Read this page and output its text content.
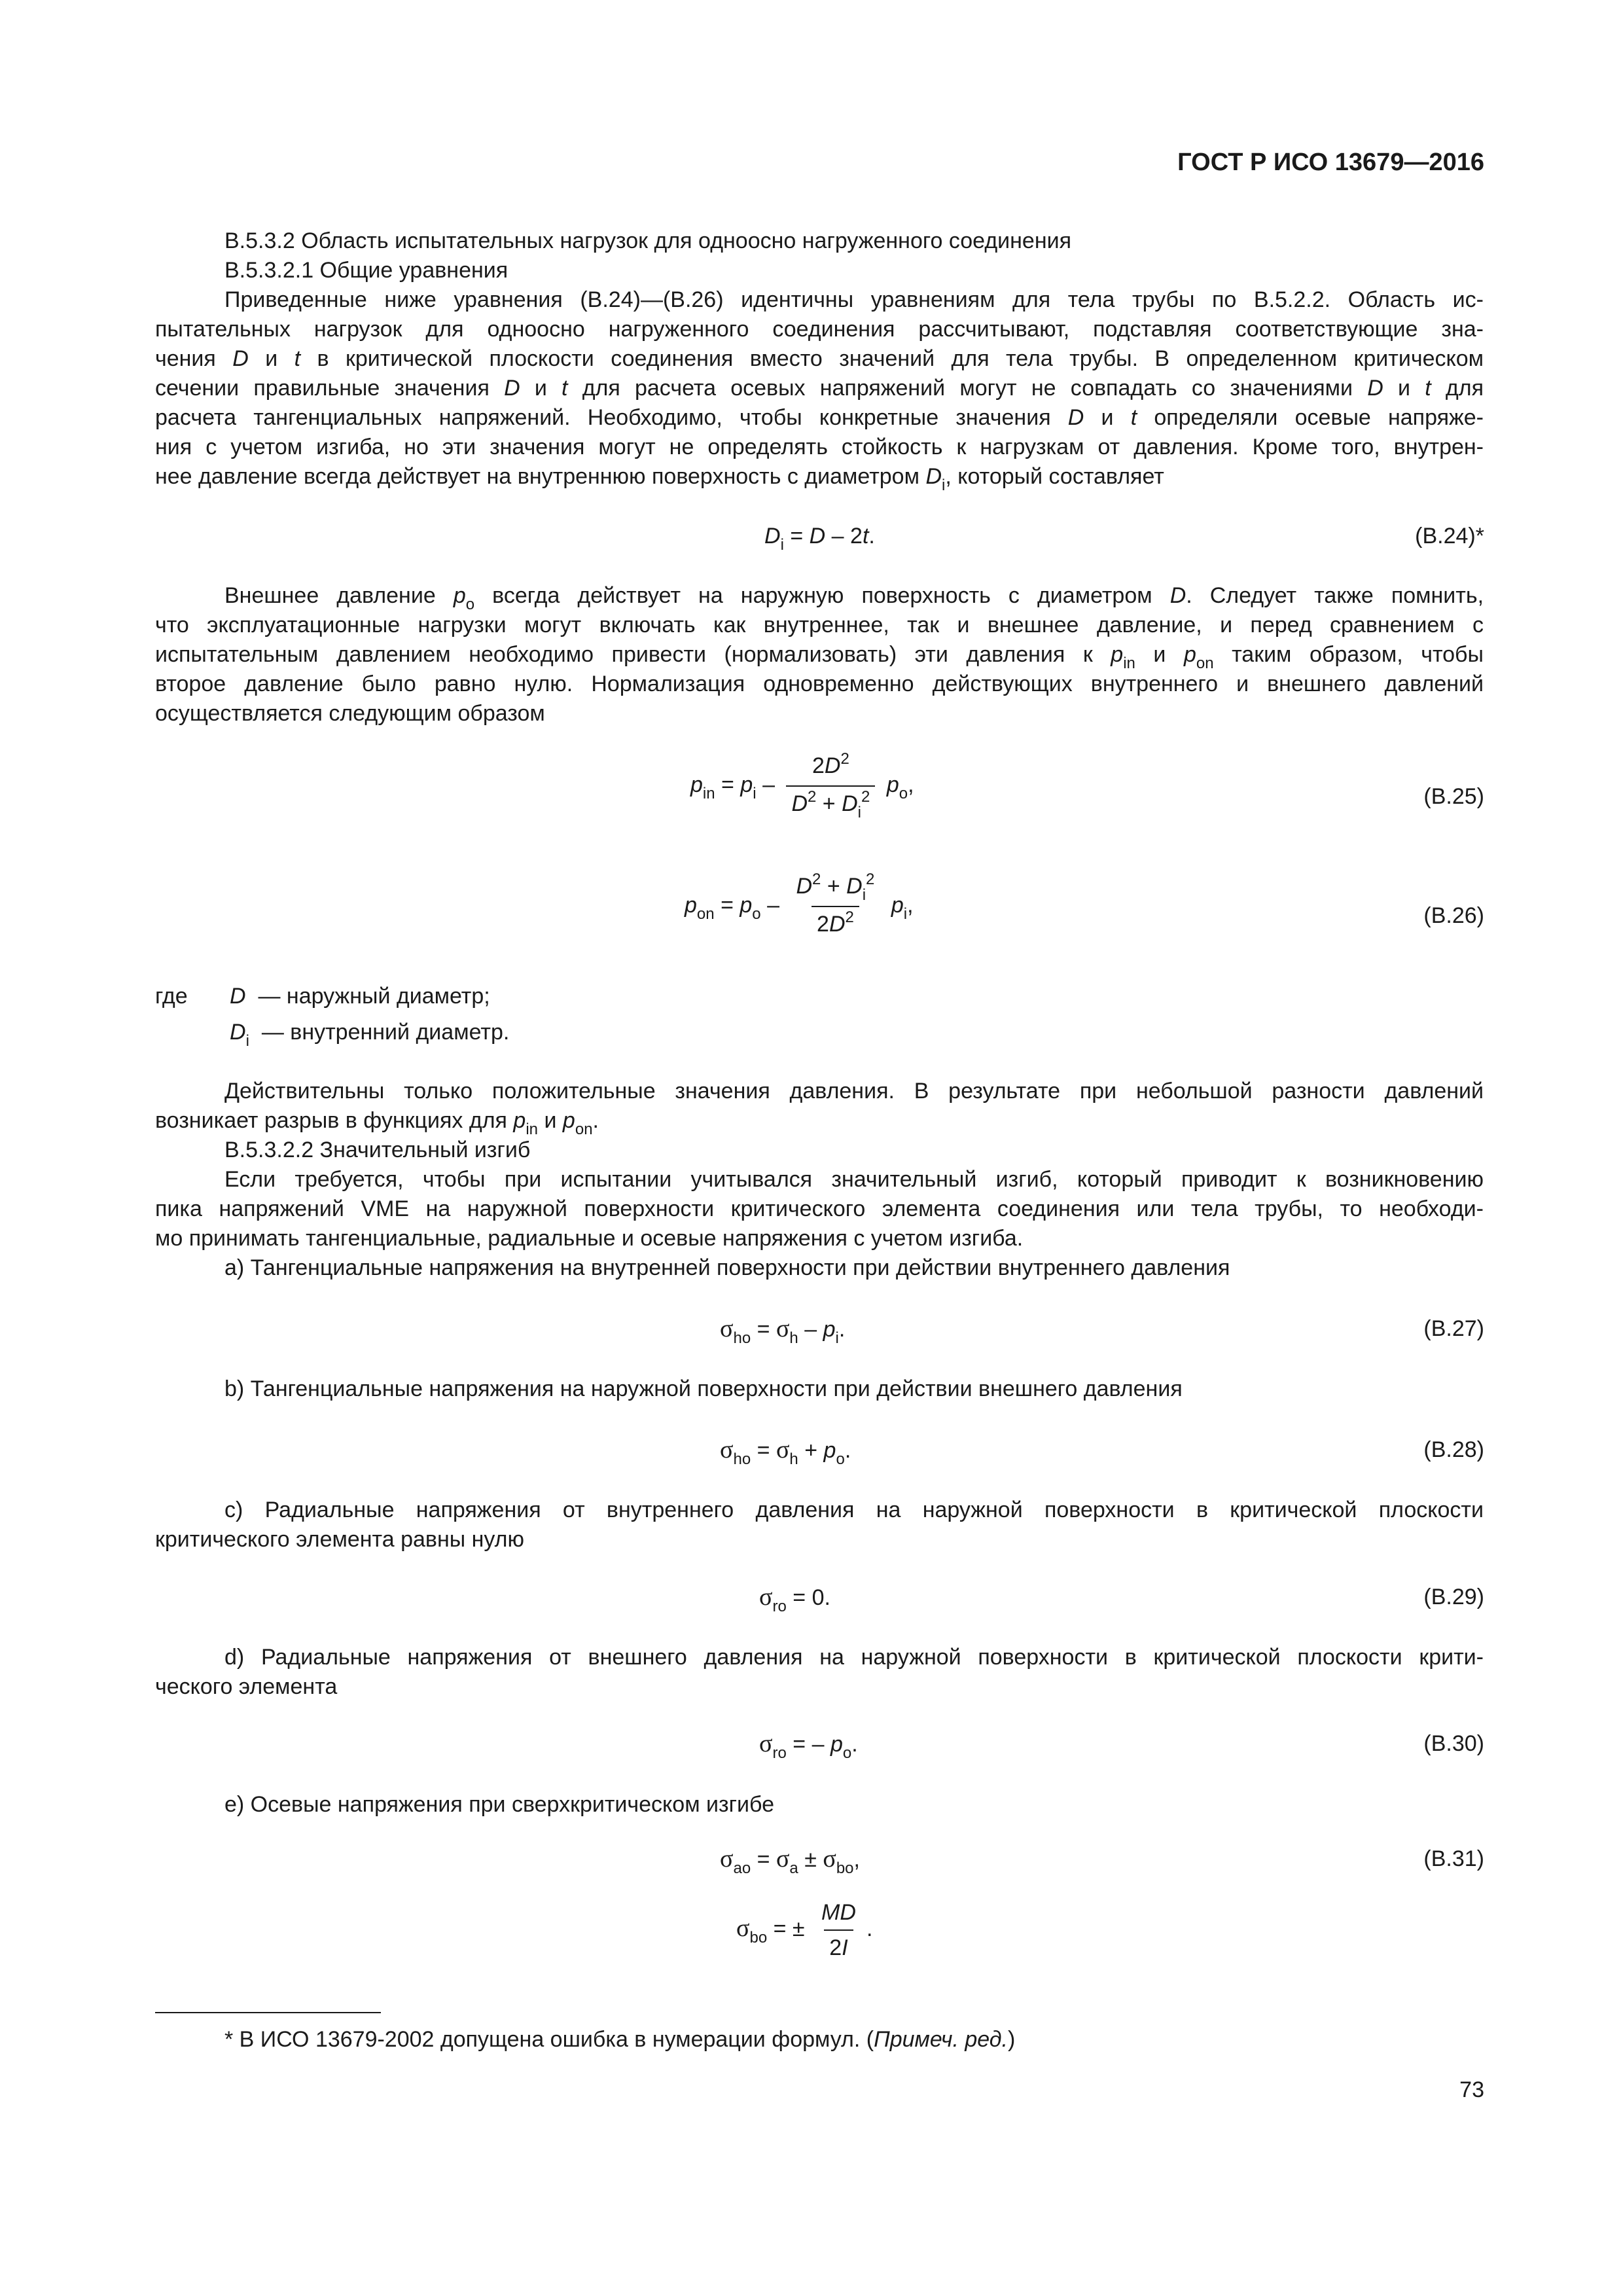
ГОСТ Р ИСО 13679—2016
В.5.3.2 Область испытательных нагрузок для одноосно нагруженного соединения
В.5.3.2.1 Общие уравнения
Приведенные ниже уравнения (В.24)—(В.26) идентичны уравнениям для тела трубы по В.5.2.2. Область ис-
пытательных нагрузок для одноосно нагруженного соединения рассчитывают, подставляя соответствующие зна-
чения D и t в критической плоскости соединения вместо значений для тела трубы. В определенном критическом
сечении правильные значения D и t для расчета осевых напряжений могут не совпадать со значениями D и t для
расчета тангенциальных напряжений. Необходимо, чтобы конкретные значения D и t определяли осевые напряже-
ния с учетом изгиба, но эти значения могут не определять стойкость к нагрузкам от давления. Кроме того, внутрен-
нее давление всегда действует на внутреннюю поверхность с диаметром $D_i$, который составляет
$D_i = D - 2t$.	(В.24)*
Внешнее давление $p_o$ всегда действует на наружную поверхность с диаметром D. Следует также помнить,
что эксплуатационные нагрузки могут включать как внутреннее, так и внешнее давление, и перед сравнением с
испытательным давлением необходимо привести (нормализовать) эти давления к $p_{in}$ и $p_{on}$ таким образом, чтобы
второе давление было равно нулю. Нормализация одновременно действующих внутреннего и внешнего давлений
осуществляется следующим образом
$p_{in} = p_i - \frac{2D^2}{D^2 + D_i^2} p_o$,	(В.25)
$p_{on} = p_o - \frac{D^2 + D_i^2}{2D^2} p_i$,	(В.26)
где D — наружный диаметр;
$D_i$ — внутренний диаметр.
Действительны только положительные значения давления. В результате при небольшой разности давлений
возникает разрыв в функциях для $p_{in}$ и $p_{on}$.
В.5.3.2.2 Значительный изгиб
Если требуется, чтобы при испытании учитывался значительный изгиб, который приводит к возникновению
пика напряжений VME на наружной поверхности критического элемента соединения или тела трубы, то необходи-
мо принимать тангенциальные, радиальные и осевые напряжения с учетом изгиба.
а) Тангенциальные напряжения на внутренней поверхности при действии внутреннего давления
$\sigma_{ho} = \sigma_h - p_i$.	(В.27)
b) Тангенциальные напряжения на наружной поверхности при действии внешнего давления
$\sigma_{ho} = \sigma_h + p_o$.	(В.28)
c) Радиальные напряжения от внутреннего давления на наружной поверхности в критической плоскости
критического элемента равны нулю
$\sigma_{ro} = 0$.	(В.29)
d) Радиальные напряжения от внешнего давления на наружной поверхности в критической плоскости крити-
ческого элемента
$\sigma_{ro}$ = – $p_o$.	(В.30)
е) Осевые напряжения при сверхкритическом изгибе
$\sigma_{ao} = \sigma_a \pm \sigma_{bo}$,	(В.31)
$\sigma_{bo}$ = ± $\frac{MD}{2I}$ .
* В ИСО 13679-2002 допущена ошибка в нумерации формул. (Примеч. ред.)
73
